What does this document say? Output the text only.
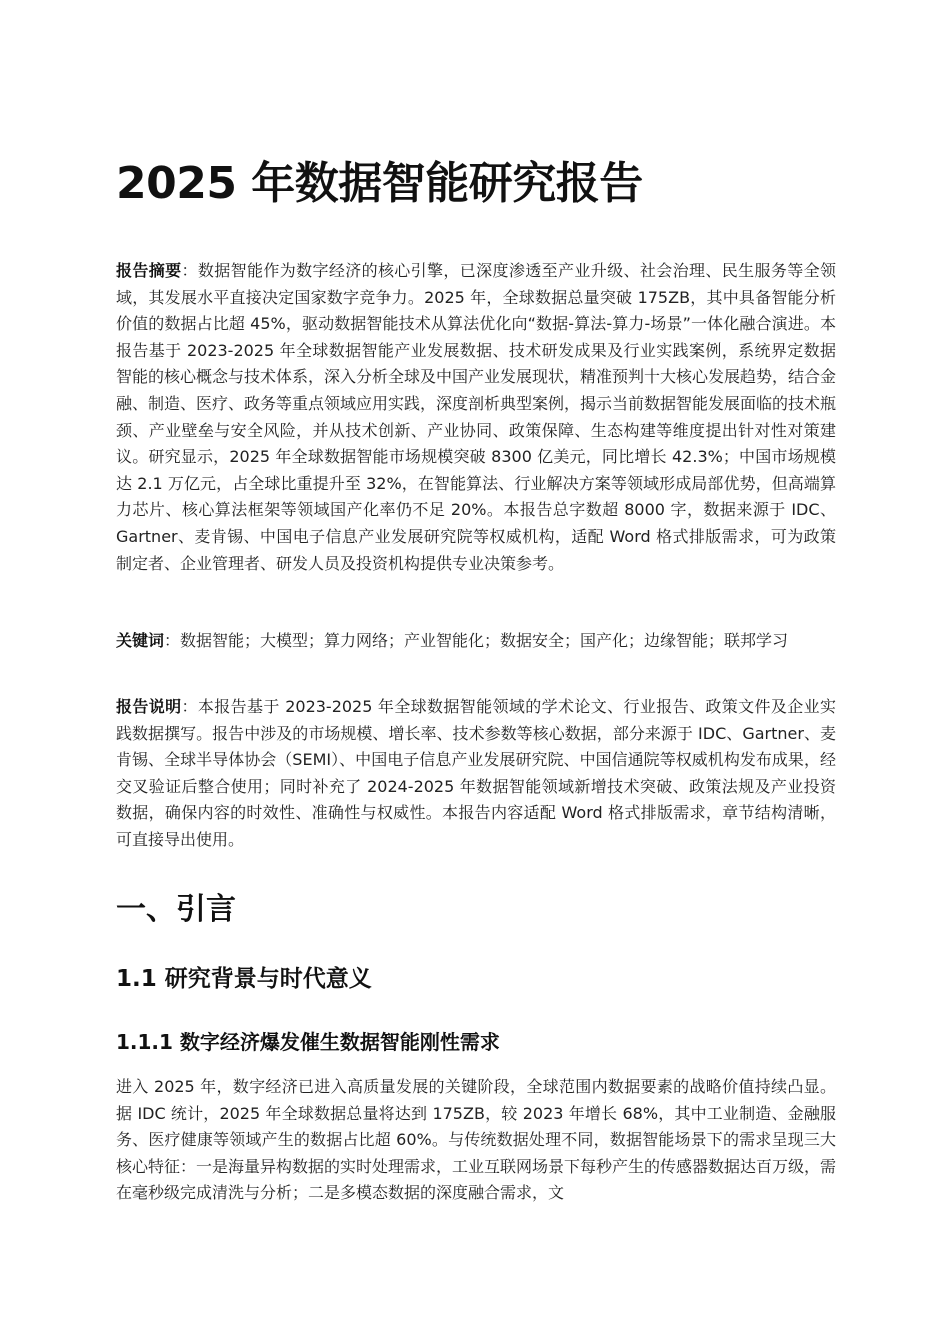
2025 年数据智能研究报告

报告摘要：数据智能作为数字经济的核心引擎，已深度渗透至产业升级、社会治理、民生服务等全领域，其发展水平直接决定国家数字竞争力。2025 年，全球数据总量突破 175ZB，其中具备智能分析价值的数据占比超 45%，驱动数据智能技术从算法优化向“数据-算法-算力-场景”一体化融合演进。本报告基于 2023-2025 年全球数据智能产业发展数据、技术研发成果及行业实践案例，系统界定数据智能的核心概念与技术体系，深入分析全球及中国产业发展现状，精准预判十大核心发展趋势，结合金融、制造、医疗、政务等重点领域应用实践，深度剖析典型案例，揭示当前数据智能发展面临的技术瓶颈、产业壁垒与安全风险，并从技术创新、产业协同、政策保障、生态构建等维度提出针对性对策建议。研究显示，2025 年全球数据智能市场规模突破 8300 亿美元，同比增长 42.3%；中国市场规模达 2.1 万亿元，占全球比重提升至 32%，在智能算法、行业解决方案等领域形成局部优势，但高端算力芯片、核心算法框架等领域国产化率仍不足 20%。本报告总字数超 8000 字，数据来源于 IDC、Gartner、麦肯锡、中国电子信息产业发展研究院等权威机构，适配 Word 格式排版需求，可为政策制定者、企业管理者、研发人员及投资机构提供专业决策参考。

关键词：数据智能；大模型；算力网络；产业智能化；数据安全；国产化；边缘智能；联邦学习

报告说明：本报告基于 2023-2025 年全球数据智能领域的学术论文、行业报告、政策文件及企业实践数据撰写。报告中涉及的市场规模、增长率、技术参数等核心数据，部分来源于 IDC、Gartner、麦肯锡、全球半导体协会（SEMI）、中国电子信息产业发展研究院、中国信通院等权威机构发布成果，经交叉验证后整合使用；同时补充了 2024-2025 年数据智能领域新增技术突破、政策法规及产业投资数据，确保内容的时效性、准确性与权威性。本报告内容适配 Word 格式排版需求，章节结构清晰，可直接导出使用。

一、引言
1.1 研究背景与时代意义
1.1.1 数字经济爆发催生数据智能刚性需求

进入 2025 年，数字经济已进入高质量发展的关键阶段，全球范围内数据要素的战略价值持续凸显。据 IDC 统计，2025 年全球数据总量将达到 175ZB，较 2023 年增长 68%，其中工业制造、金融服务、医疗健康等领域产生的数据占比超 60%。与传统数据处理不同，数据智能场景下的需求呈现三大核心特征：一是海量异构数据的实时处理需求，工业互联网场景下每秒产生的传感器数据达百万级，需在毫秒级完成清洗与分析；二是多模态数据的深度融合需求，文
